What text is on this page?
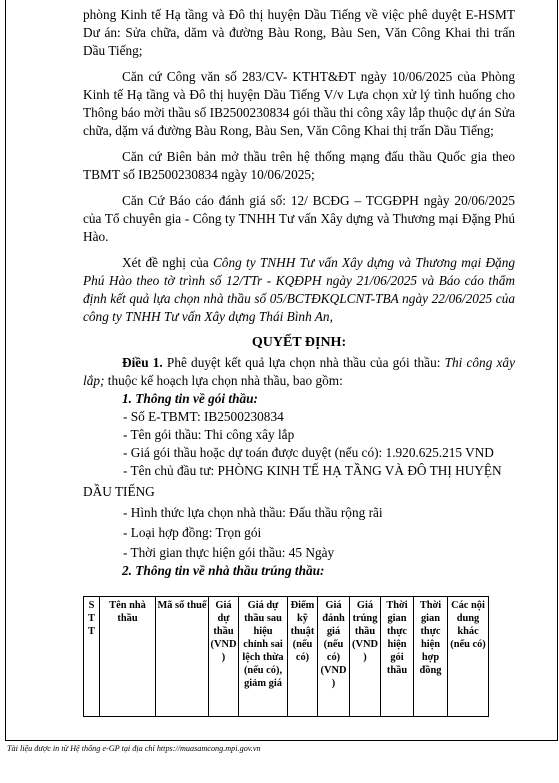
phòng Kinh tế Hạ tầng và Đô thị huyện Dầu Tiếng về việc phê duyệt E-HSMT Dư án: Sửa chữa, dăm và đường Bàu Rong, Bàu Sen, Văn Công Khai thi trấn Dầu Tiếng;

Căn cứ Công văn số 283/CV- KTHT&ĐT ngày 10/06/2025 của Phòng Kinh tế Hạ tầng và Đô thị huyện Dầu Tiếng V/v Lựa chọn xử lý tình huống cho Thông báo mời thầu số IB2500230834 gói thầu thi công xây lắp thuộc dự án Sửa chữa, dặm vá đường Bàu Rong, Bàu Sen, Văn Công Khai thị trấn Dầu Tiếng;

Căn cứ Biên bản mở thầu trên hệ thống mạng đấu thầu Quốc gia theo TBMT số IB2500230834 ngày 10/06/2025;

Căn Cứ Báo cáo đánh giá số: 12/ BCĐG – TCGĐPH ngày 20/06/2025 của Tổ chuyên gia - Công ty TNHH Tư vấn Xây dựng và Thương mại Đặng Phú Hào.

Xét đề nghị của Công ty TNHH Tư vấn Xây dựng và Thương mại Đặng Phú Hào theo tờ trình số 12/TTr - KQĐPH ngày 21/06/2025 và Báo cáo thẩm định kết quả lựa chọn nhà thầu số 05/BCTĐKQLCNT-TBA ngày 22/06/2025 của công ty TNHH Tư vấn Xây dựng Thái Bình An,

QUYẾT ĐỊNH:

Điều 1. Phê duyệt kết quả lựa chọn nhà thầu của gói thầu: Thi công xây lắp; thuộc kế hoạch lựa chọn nhà thầu, bao gồm:

1. Thông tin về gói thầu:
- Số E-TBMT: IB2500230834
- Tên gói thầu: Thi công xây lắp
- Giá gói thầu hoặc dự toán được duyệt (nếu có): 1.920.625.215 VND
- Tên chủ đầu tư: PHÒNG KINH TẾ HẠ TẦNG VÀ ĐÔ THỊ HUYỆN
DẦU TIẾNG
- Hình thức lựa chọn nhà thầu: Đấu thầu rộng rãi
- Loại hợp đồng: Trọn gói
- Thời gian thực hiện gói thầu: 45 Ngày
2. Thông tin về nhà thầu trúng thầu:
S T T	Tên nhà thầu	Mã số thuế	Giá dự thầu (VND )	Giá dự thầu sau hiệu chỉnh sai lệch thừa (nếu có), giảm giá	Điểm kỹ thuật (nếu có)	Giá đánh giá (nếu có) (VND )	Giá trúng thầu (VND )	Thời gian thực hiện gói thầu	Thời gian thực hiện hợp đồng	Các nội dung khác (nếu có)
Tài liệu được in từ Hệ thống e-GP tại địa chỉ https://muasamcong.mpi.gov.vn
